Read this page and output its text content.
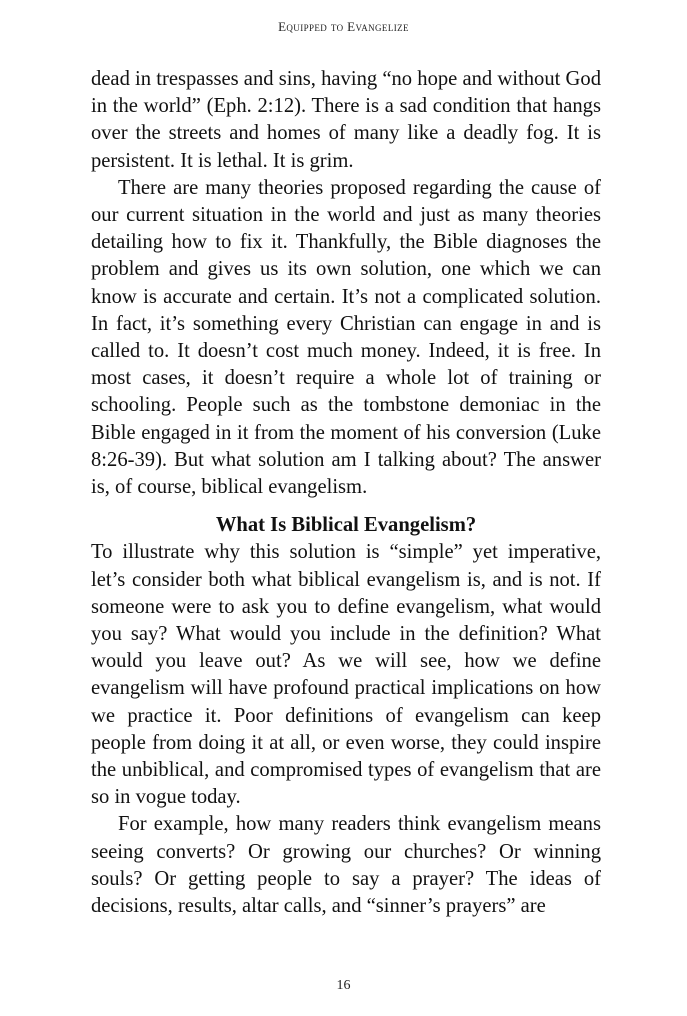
Equipped to Evangelize

dead in trespasses and sins, having “no hope and without God in the world” (Eph. 2:12). There is a sad condition that hangs over the streets and homes of many like a deadly fog. It is persistent. It is lethal. It is grim.

There are many theories proposed regarding the cause of our current situation in the world and just as many theories detailing how to fix it. Thankfully, the Bible diagnoses the problem and gives us its own solution, one which we can know is accurate and certain. It’s not a complicated solution. In fact, it’s something every Christian can engage in and is called to. It doesn’t cost much money. Indeed, it is free. In most cases, it doesn’t require a whole lot of training or schooling. People such as the tombstone demoniac in the Bible engaged in it from the moment of his conversion (Luke 8:26-39). But what solution am I talking about? The answer is, of course, biblical evangelism.

What Is Biblical Evangelism?

To illustrate why this solution is “simple” yet imperative, let’s consider both what biblical evangelism is, and is not. If someone were to ask you to define evangelism, what would you say? What would you include in the definition? What would you leave out? As we will see, how we define evangelism will have profound practical implications on how we practice it. Poor definitions of evangelism can keep people from doing it at all, or even worse, they could inspire the unbiblical, and compromised types of evangelism that are so in vogue today.

For example, how many readers think evangelism means seeing converts? Or growing our churches? Or winning souls? Or getting people to say a prayer? The ideas of decisions, results, altar calls, and “sinner’s prayers” are

16
